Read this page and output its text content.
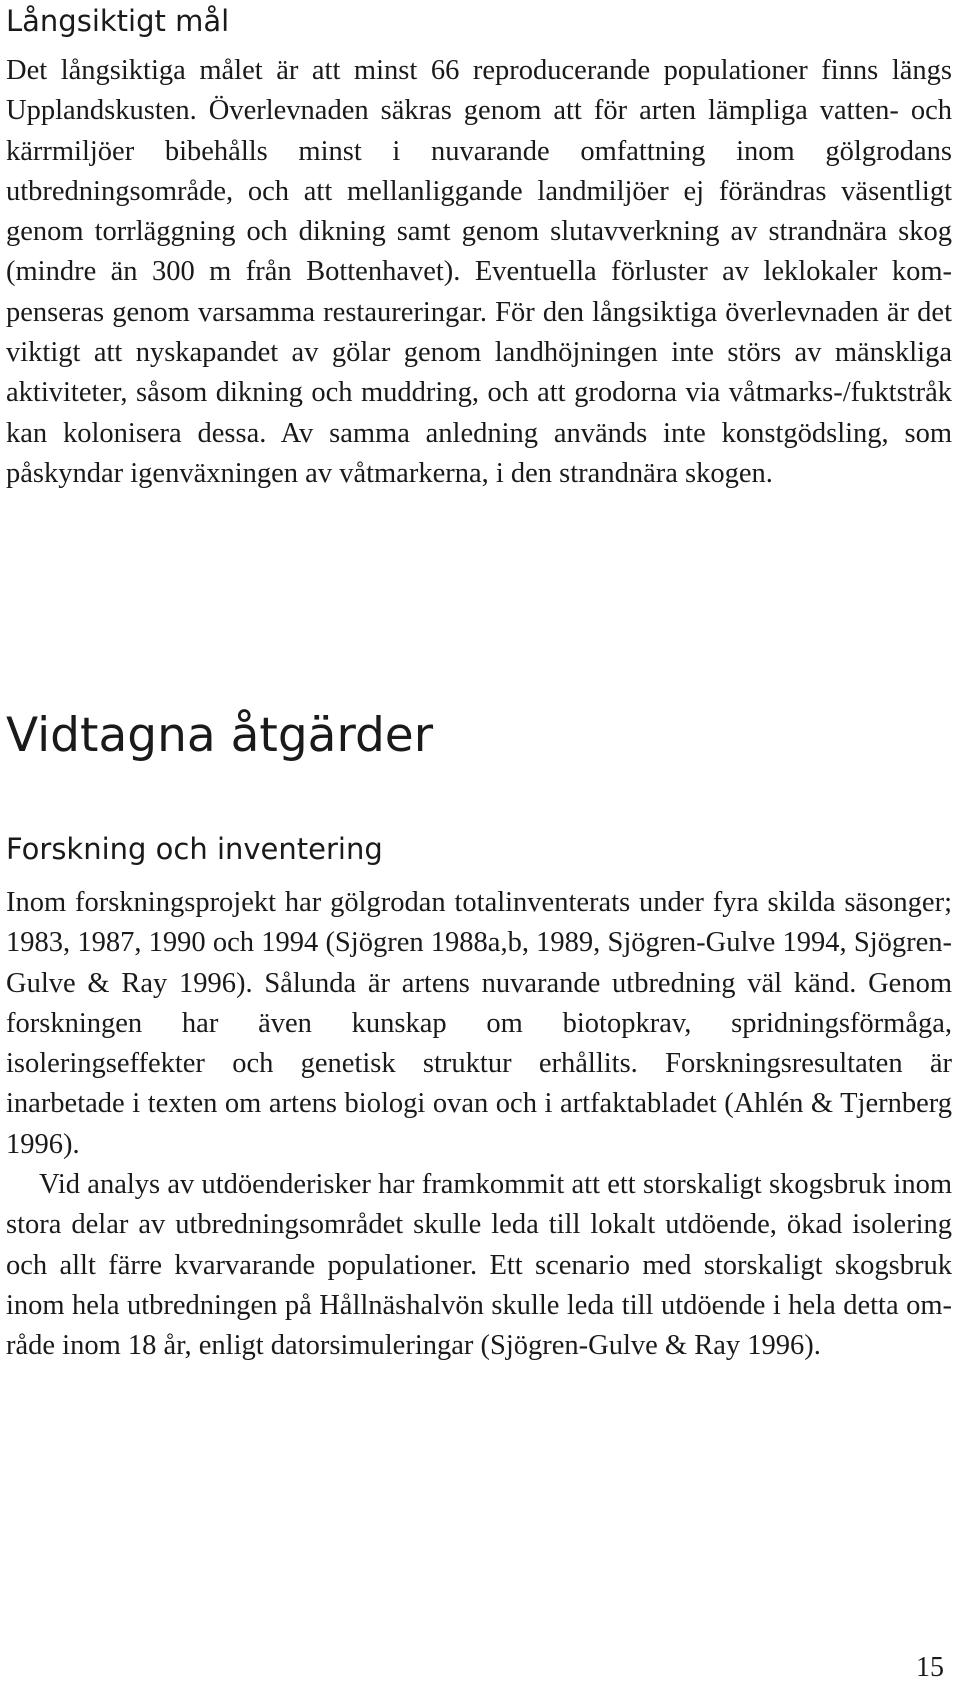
Långsiktigt mål

Det långsiktiga målet är att minst 66 reproducerande populationer finns längs Upplandskusten. Överlevnaden säkras genom att för arten lämpliga vatten- och kärrmiljöer bibehålls minst i nuvarande omfattning inom gölgrodans utbredningsområde, och att mellanliggande landmiljöer ej förändras väsentligt genom torrläggning och dikning samt genom slutavverkning av strandnära skog (mindre än 300 m från Bottenhavet). Eventuella förluster av leklokaler kompenseras genom varsamma restaureringar. För den långsiktiga överlevnaden är det viktigt att nyskapandet av gölar genom landhöjningen inte störs av mänskliga aktiviteter, såsom dikning och muddring, och att grodorna via våtmarks-/fuktstråk kan kolonisera dessa. Av samma anledning används inte konstgödsling, som påskyndar igenväxningen av våtmarkerna, i den strandnära skogen.

Vidtagna åtgärder
Forskning och inventering

Inom forskningsprojekt har gölgrodan totalinventerats under fyra skilda säsonger; 1983, 1987, 1990 och 1994 (Sjögren 1988a,b, 1989, Sjögren-Gulve 1994, Sjögren-Gulve & Ray 1996). Sålunda är artens nuvarande utbredning väl känd. Genom forskningen har även kunskap om biotopkrav, spridningsförmåga, isoleringseffekter och genetisk struktur erhållits. Forskningsresultaten är inarbetade i texten om artens biologi ovan och i artfaktabladet (Ahlén & Tjernberg 1996).

Vid analys av utdöenderisker har framkommit att ett storskaligt skogsbruk inom stora delar av utbredningsområdet skulle leda till lokalt utdöende, ökad isolering och allt färre kvarvarande populationer. Ett scenario med storskaligt skogsbruk inom hela utbredningen på Hållnäshalvön skulle leda till utdöende i hela detta område inom 18 år, enligt datorsimuleringar (Sjögren-Gulve & Ray 1996).

15
